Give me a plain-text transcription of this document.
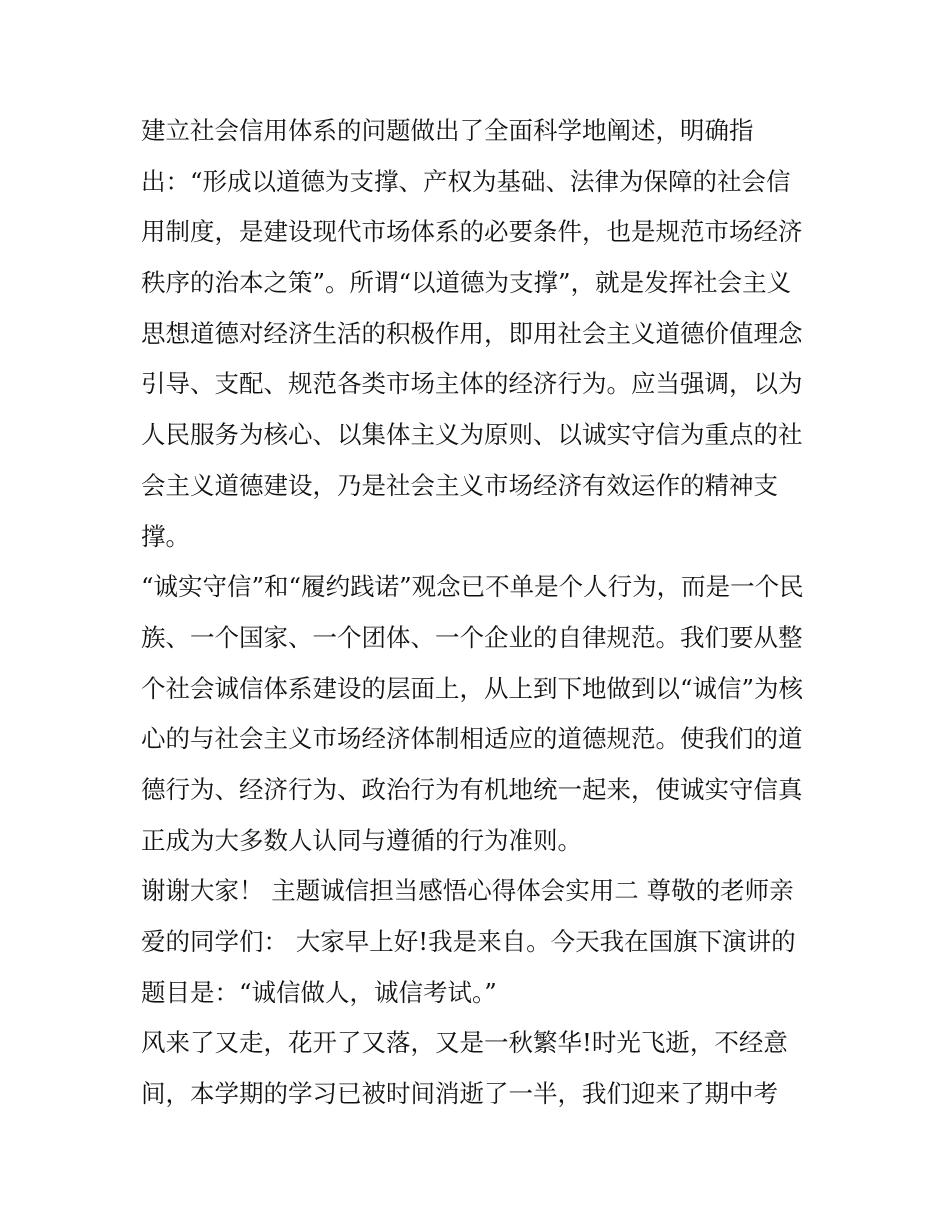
建立社会信用体系的问题做出了全面科学地阐述，明确指
出：“形成以道德为支撑、产权为基础、法律为保障的社会信
用制度，是建设现代市场体系的必要条件，也是规范市场经济
秩序的治本之策”。所谓“以道德为支撑”，就是发挥社会主义
思想道德对经济生活的积极作用，即用社会主义道德价值理念
引导、支配、规范各类市场主体的经济行为。应当强调，以为
人民服务为核心、以集体主义为原则、以诚实守信为重点的社
会主义道德建设，乃是社会主义市场经济有效运作的精神支
撑。
“诚实守信”和“履约践诺”观念已不单是个人行为，而是一个民
族、一个国家、一个团体、一个企业的自律规范。我们要从整
个社会诚信体系建设的层面上，从上到下地做到以“诚信”为核
心的与社会主义市场经济体制相适应的道德规范。使我们的道
德行为、经济行为、政治行为有机地统一起来，使诚实守信真
正成为大多数人认同与遵循的行为准则。
谢谢大家！ 主题诚信担当感悟心得体会实用二 尊敬的老师亲
爱的同学们： 大家早上好!我是来自。今天我在国旗下演讲的
题目是：“诚信做人，诚信考试。”
风来了又走，花开了又落，又是一秋繁华!时光飞逝，不经意
间，本学期的学习已被时间消逝了一半，我们迎来了期中考
